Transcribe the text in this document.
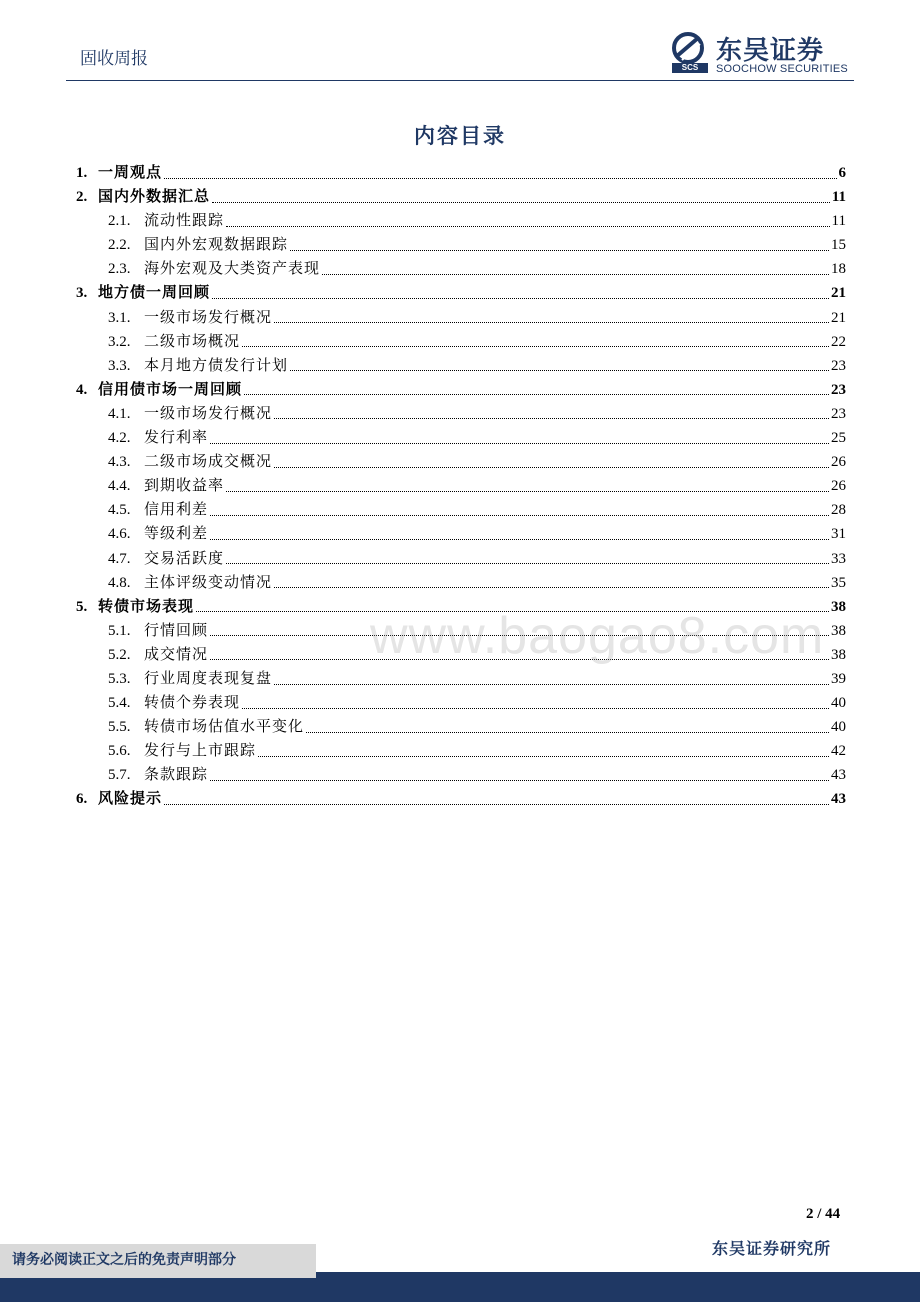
固收周报	SCS
东吴证券
SOOCHOW SECURITIES
内容目录
1. 一周观点	6
2. 国内外数据汇总	11
2.1. 流动性跟踪	11
2.2. 国内外宏观数据跟踪	15
2.3. 海外宏观及大类资产表现	18
3. 地方债一周回顾	21
3.1. 一级市场发行概况	21
3.2. 二级市场概况	22
3.3. 本月地方债发行计划	23
4. 信用债市场一周回顾	23
4.1. 一级市场发行概况	23
4.2. 发行利率	25
4.3. 二级市场成交概况	26
4.4. 到期收益率	26
4.5. 信用利差	28
4.6. 等级利差	31
4.7. 交易活跃度	33
4.8. 主体评级变动情况	35
5. 转债市场表现	38
5.1. 行情回顾	38
5.2. 成交情况	38
5.3. 行业周度表现复盘	39
5.4. 转债个券表现	40
5.5. 转债市场估值水平变化	40
5.6. 发行与上市跟踪	42
5.7. 条款跟踪	43
6. 风险提示	43
www.baogao8.com
2 / 44
东吴证券研究所
请务必阅读正文之后的免责声明部分
